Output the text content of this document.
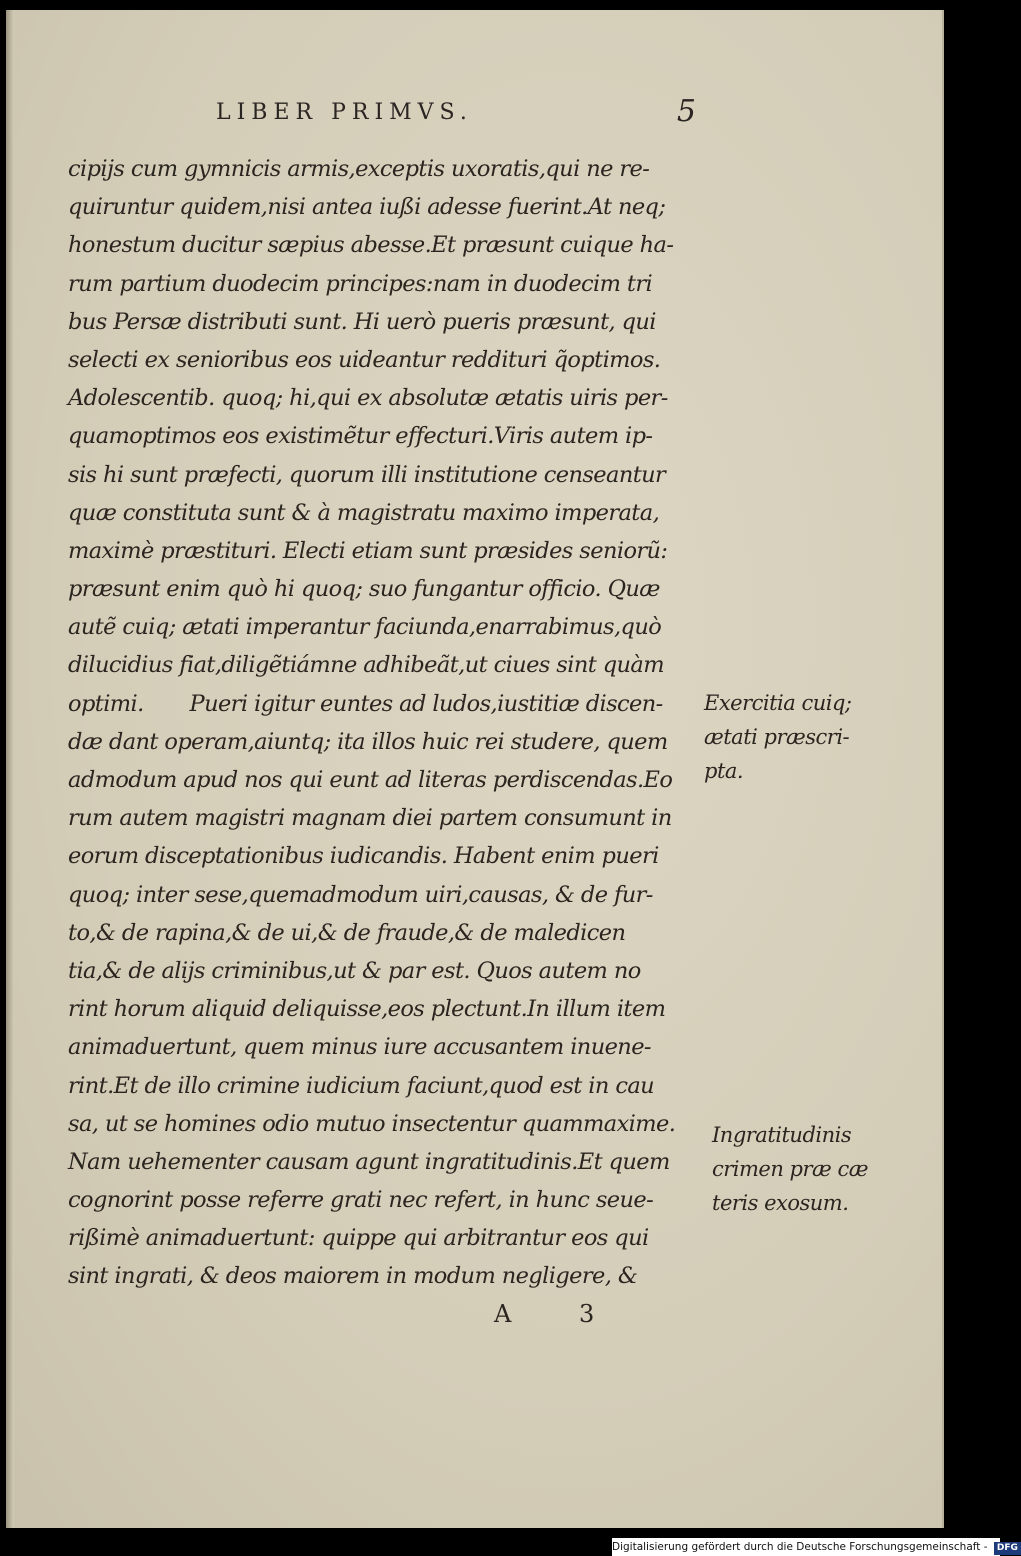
LIBER PRIMVS.	5
cipijs cum gymnicis armis,exceptis uxoratis,qui ne re-
quiruntur quidem,nisi antea iußi adesse fuerint.At neq;
honestum ducitur sæpius abesse.Et præsunt cuique ha-
rum partium duodecim principes:nam in duodecim tri
bus Persæ distributi sunt. Hi uerò pueris præsunt, qui
selecti ex senioribus eos uideantur reddituri q̃optimos.
Adolescentib. quoq; hi,qui ex absolutæ ætatis uiris per-
quamoptimos eos existimẽtur effecturi.Viris autem ip-
sis hi sunt præfecti, quorum illi institutione censeantur
quæ constituta sunt & à magistratu maximo imperata,
maximè præstituri. Electi etiam sunt præsides seniorũ:
præsunt enim quò hi quoq; suo fungantur officio. Quæ
autẽ cuiq; ætati imperantur faciunda,enarrabimus,quò
dilucidius fiat,diligẽtiámne adhibeãt,ut ciues sint quàm
optimi.       Pueri igitur euntes ad ludos,iustitiæ discen-
dæ dant operam,aiuntq; ita illos huic rei studere, quem
admodum apud nos qui eunt ad literas perdiscendas.Eo
rum autem magistri magnam diei partem consumunt in
eorum disceptationibus iudicandis. Habent enim pueri
quoq; inter sese,quemadmodum uiri,causas, & de fur-
to,& de rapina,& de ui,& de fraude,& de maledicen
tia,& de alijs criminibus,ut & par est. Quos autem no
rint horum aliquid deliquisse,eos plectunt.In illum item
animaduertunt, quem minus iure accusantem inuene-
rint.Et de illo crimine iudicium faciunt,quod est in cau
sa, ut se homines odio mutuo insectentur quammaxime.
Nam uehementer causam agunt ingratitudinis.Et quem
cognorint posse referre grati nec refert, in hunc seue-
rißimè animaduertunt: quippe qui arbitrantur eos qui
sint ingrati, & deos maiorem in modum negligere, &
Exercitia cuiq;
ætati præscri-
pta.
Ingratitudinis
crimen præ cæ
teris exosum.
A 3
Digitalisierung gefördert durch die Deutsche Forschungsgemeinschaft - DFG
